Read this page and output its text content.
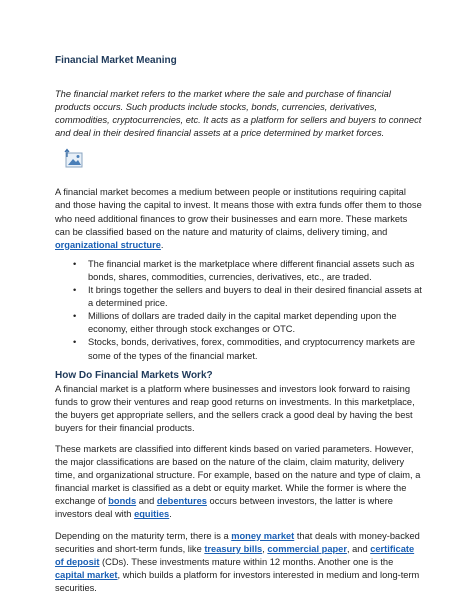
Financial Market Meaning

The financial market refers to the market where the sale and purchase of financial products occurs. Such products include stocks, bonds, currencies, derivatives, commodities, cryptocurrencies, etc. It acts as a platform for sellers and buyers to connect and deal in their desired financial assets at a price determined by market forces.

A financial market becomes a medium between people or institutions requiring capital and those having the capital to invest. It means those with extra funds offer them to those who need additional finances to grow their businesses and earn more. These markets can be classified based on the nature and maturity of claims, delivery timing, and organizational structure.

• The financial market is the marketplace where different financial assets such as bonds, shares, commodities, currencies, derivatives, etc., are traded.
• It brings together the sellers and buyers to deal in their desired financial assets at a determined price.
• Millions of dollars are traded daily in the capital market depending upon the economy, either through stock exchanges or OTC.
• Stocks, bonds, derivatives, forex, commodities, and cryptocurrency markets are some of the types of the financial market.
How Do Financial Markets Work?

A financial market is a platform where businesses and investors look forward to raising funds to grow their ventures and reap good returns on investments. In this marketplace, the buyers get appropriate sellers, and the sellers crack a good deal by having the best buyers for their financial products.

These markets are classified into different kinds based on varied parameters. However, the major classifications are based on the nature of the claim, claim maturity, delivery time, and organizational structure. For example, based on the nature and type of claim, a financial market is classified as a debt or equity market. While the former is where the exchange of bonds and debentures occurs between investors, the latter is where investors deal with equities.

Depending on the maturity term, there is a money market that deals with money-backed securities and short-term funds, like treasury bills, commercial paper, and certificate of deposit (CDs). These investments mature within 12 months. Another one is the capital market, which builds a platform for investors interested in medium and long-term securities.
